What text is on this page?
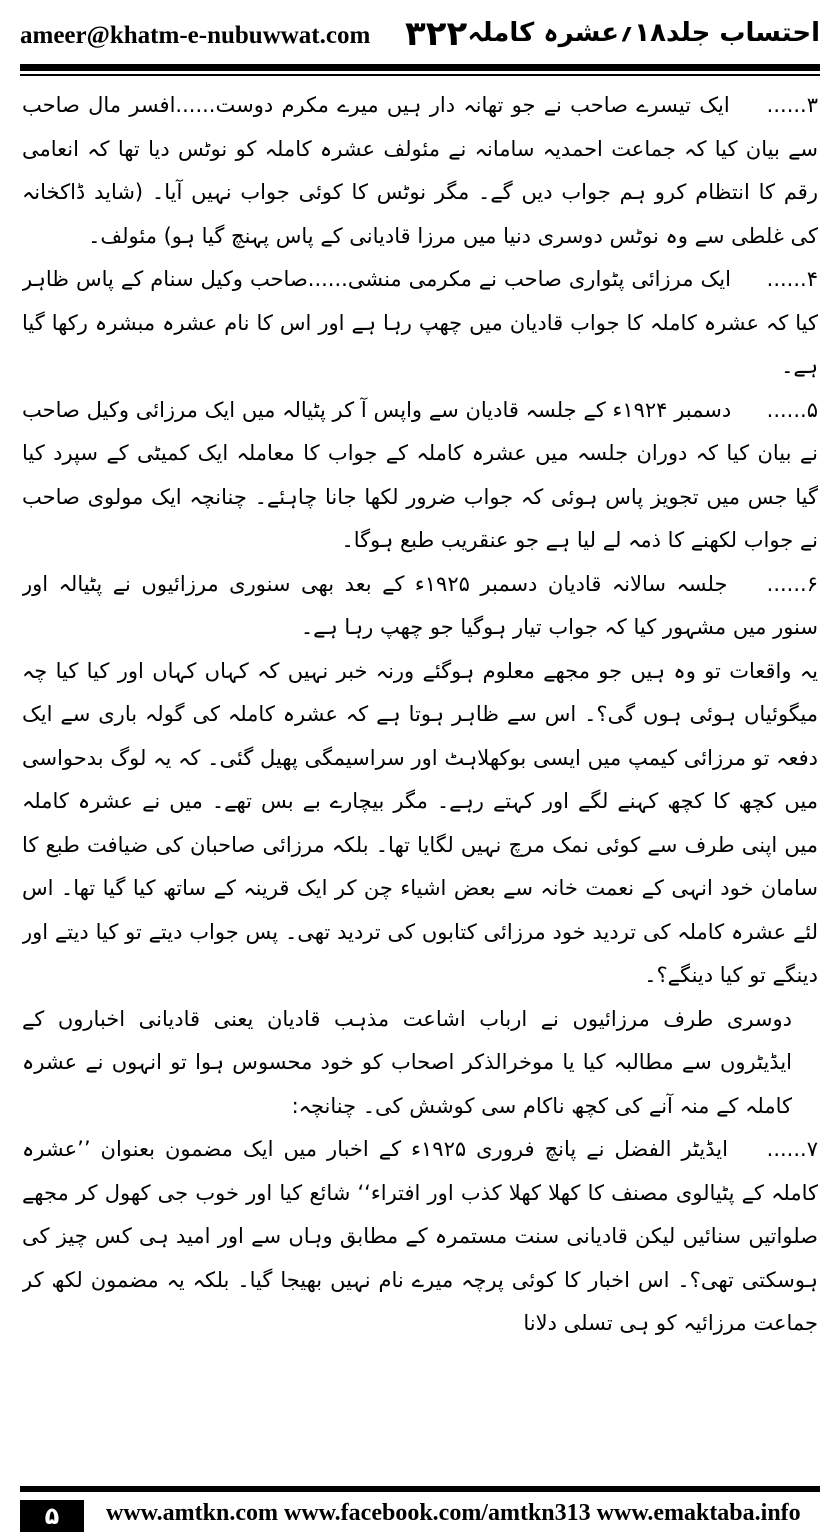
ameer@khatm-e-nubuwwat.com ۳۲۲ احتساب جلد۱۸؍عشرہ کاملہ

۳...... ایک تیسرے صاحب نے جو تھانہ دار ہیں میرے مکرم دوست......افسر مال صاحب سے بیان کیا کہ جماعت احمدیہ سامانہ نے مئولف عشرہ کاملہ کو نوٹس دیا تھا کہ انعامی رقم کا انتظام کرو ہم جواب دیں گے۔ مگر نوٹس کا کوئی جواب نہیں آیا۔ (شاید ڈاکخانہ کی غلطی سے وہ نوٹس دوسری دنیا میں مرزا قادیانی کے پاس پہنچ گیا ہو) مئولف۔

۴...... ایک مرزائی پٹواری صاحب نے مکرمی منشی......صاحب وکیل سنام کے پاس ظاہر کیا کہ عشرہ کاملہ کا جواب قادیان میں چھپ رہا ہے اور اس کا نام عشرہ مبشرہ رکھا گیا ہے۔

۵...... دسمبر ۱۹۲۴ء کے جلسہ قادیان سے واپس آ کر پٹیالہ میں ایک مرزائی وکیل صاحب نے بیان کیا کہ دوران جلسہ میں عشرہ کاملہ کے جواب کا معاملہ ایک کمیٹی کے سپرد کیا گیا جس میں تجویز پاس ہوئی کہ جواب ضرور لکھا جانا چاہئے۔ چنانچہ ایک مولوی صاحب نے جواب لکھنے کا ذمہ لے لیا ہے جو عنقریب طبع ہوگا۔

۶...... جلسہ سالانہ قادیان دسمبر ۱۹۲۵ء کے بعد بھی سنوری مرزائیوں نے پٹیالہ اور سنور میں مشہور کیا کہ جواب تیار ہوگیا جو چھپ رہا ہے۔

یہ واقعات تو وہ ہیں جو مجھے معلوم ہوگئے ورنہ خبر نہیں کہ کہاں کہاں اور کیا کیا چہ میگوئیاں ہوئی ہوں گی؟۔ اس سے ظاہر ہوتا ہے کہ عشرہ کاملہ کی گولہ باری سے ایک دفعہ تو مرزائی کیمپ میں ایسی بوکھلاہٹ اور سراسیمگی پھیل گئی۔ کہ یہ لوگ بدحواسی میں کچھ کا کچھ کہنے لگے اور کہتے رہے۔ مگر بیچارے بے بس تھے۔ میں نے عشرہ کاملہ میں اپنی طرف سے کوئی نمک مرچ نہیں لگایا تھا۔ بلکہ مرزائی صاحبان کی ضیافت طبع کا سامان خود انہی کے نعمت خانہ سے بعض اشیاء چن کر ایک قرینہ کے ساتھ کیا گیا تھا۔ اس لئے عشرہ کاملہ کی تردید خود مرزائی کتابوں کی تردید تھی۔ پس جواب دیتے تو کیا دیتے اور دینگے تو کیا دینگے؟۔

دوسری طرف مرزائیوں نے ارباب اشاعت مذہب قادیان یعنی قادیانی اخباروں کے ایڈیٹروں سے مطالبہ کیا یا موخرالذکر اصحاب کو خود محسوس ہوا تو انہوں نے عشرہ کاملہ کے منہ آنے کی کچھ ناکام سی کوشش کی۔ چنانچہ:

۷...... ایڈیٹر الفضل نے پانچ فروری ۱۹۲۵ء کے اخبار میں ایک مضمون بعنوان ’’عشرہ کاملہ کے پٹیالوی مصنف کا کھلا کھلا کذب اور افتراء‘‘ شائع کیا اور خوب جی کھول کر مجھے صلواتیں سنائیں لیکن قادیانی سنت مستمرہ کے مطابق وہاں سے اور امید ہی کس چیز کی ہوسکتی تھی؟۔ اس اخبار کا کوئی پرچہ میرے نام نہیں بھیجا گیا۔ بلکہ یہ مضمون لکھ کر جماعت مرزائیہ کو ہی تسلی دلانا

۵	www.amtkn.com www.facebook.com/amtkn313 www.emaktaba.info
